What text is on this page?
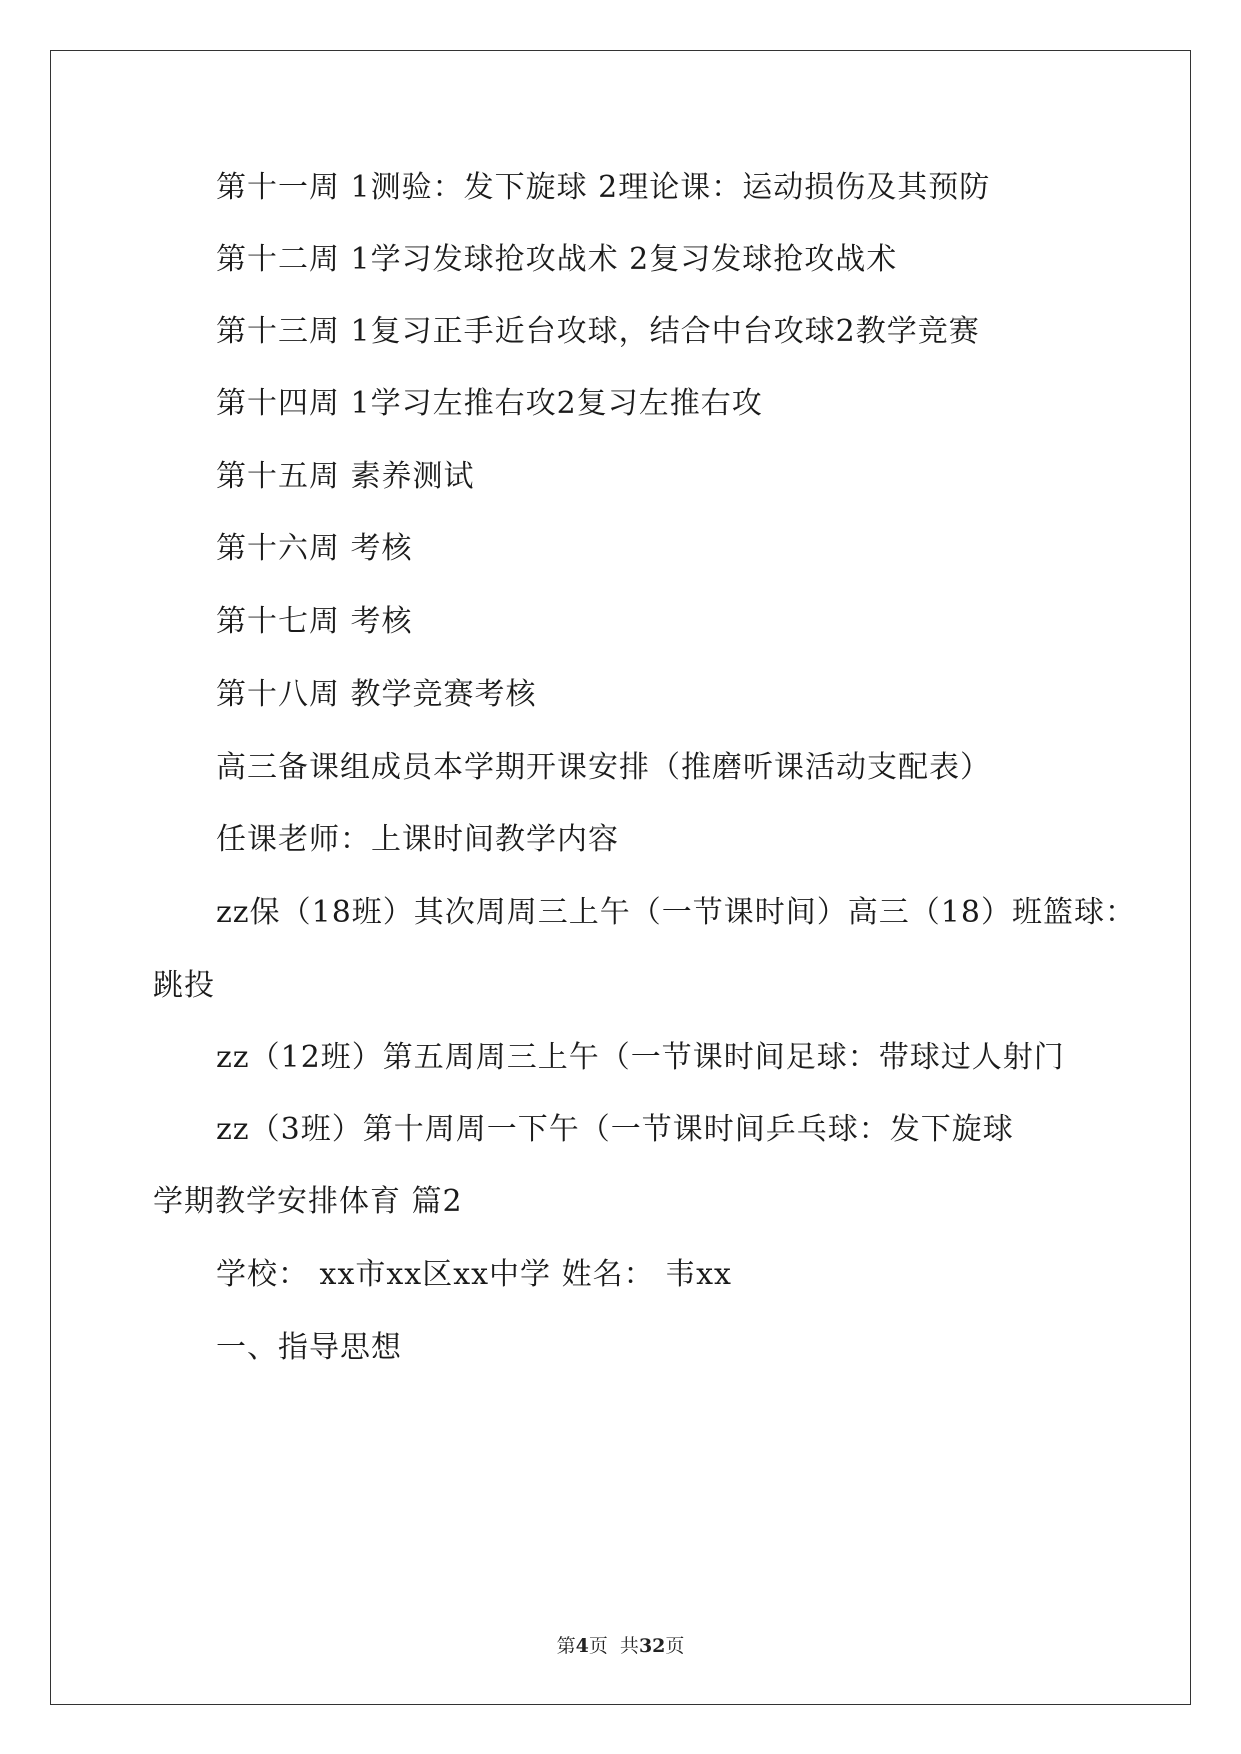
第十一周 1测验：发下旋球 2理论课：运动损伤及其预防
第十二周 1学习发球抢攻战术 2复习发球抢攻战术
第十三周 1复习正手近台攻球，结合中台攻球2教学竞赛
第十四周 1学习左推右攻2复习左推右攻
第十五周 素养测试
第十六周 考核
第十七周 考核
第十八周 教学竞赛考核
高三备课组成员本学期开课安排（推磨听课活动支配表）
任课老师：上课时间教学内容
zz保（18班）其次周周三上午（一节课时间）高三（18）班篮球：
跳投
zz（12班）第五周周三上午（一节课时间足球：带球过人射门
zz（3班）第十周周一下午（一节课时间乒乓球：发下旋球
学期教学安排体育 篇2
学校： xx市xx区xx中学 姓名： 韦xx
一、指导思想
第4页  共32页
